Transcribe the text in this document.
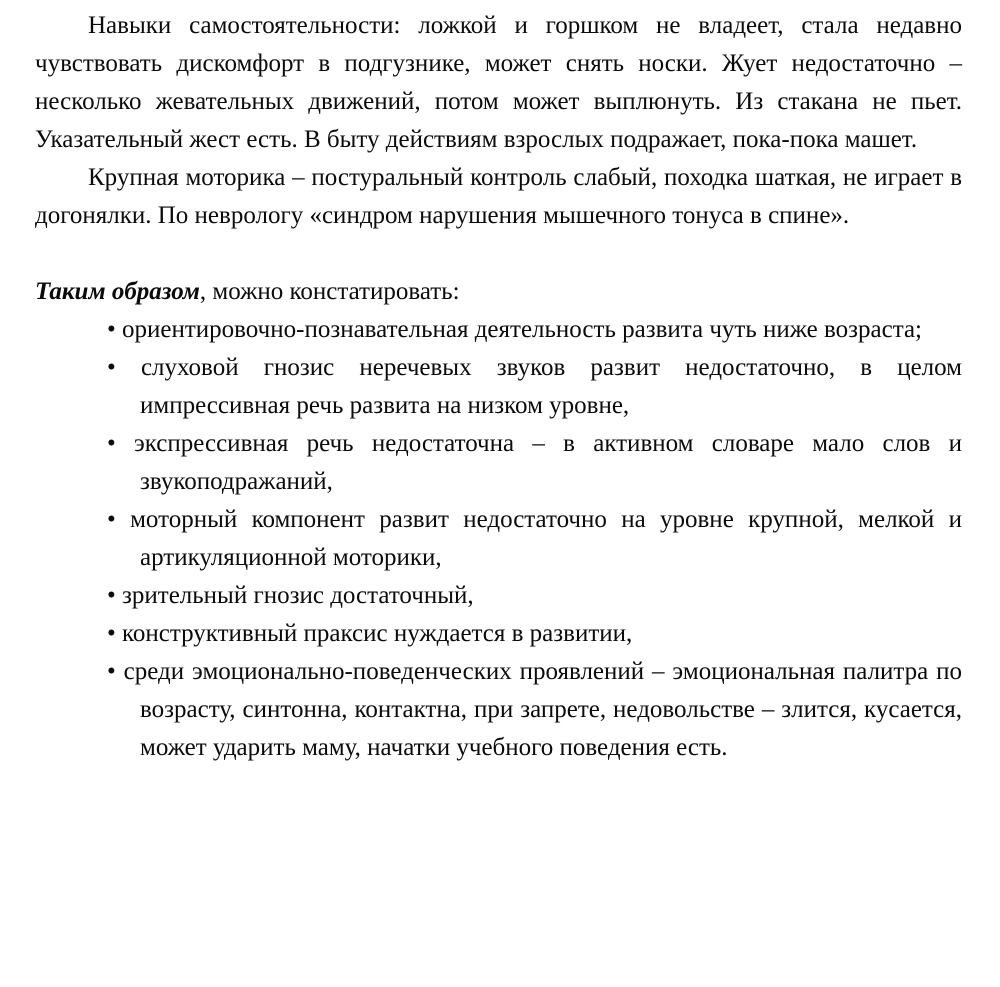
Навыки самостоятельности: ложкой и горшком не владеет, стала недавно чувствовать дискомфорт в подгузнике, может снять носки. Жует недостаточно – несколько жевательных движений, потом может выплюнуть. Из стакана не пьет. Указательный жест есть. В быту действиям взрослых подражает, пока-пока машет.

Крупная моторика – постуральный контроль слабый, походка шаткая, не играет в догонялки. По неврологу «синдром нарушения мышечного тонуса в спине».

Таким образом, можно констатировать:

• ориентировочно-познавательная деятельность развита чуть ниже возраста;
• слуховой гнозис неречевых звуков развит недостаточно, в целом импрессивная речь развита на низком уровне,
• экспрессивная речь недостаточна – в активном словаре мало слов и звукоподражаний,
• моторный компонент развит недостаточно на уровне крупной, мелкой и артикуляционной моторики,
• зрительный гнозис достаточный,
• конструктивный праксис нуждается в развитии,
• среди эмоционально-поведенческих проявлений – эмоциональная палитра по возрасту, синтонна, контактна, при запрете, недовольстве – злится, кусается, может ударить маму, начатки учебного поведения есть.
